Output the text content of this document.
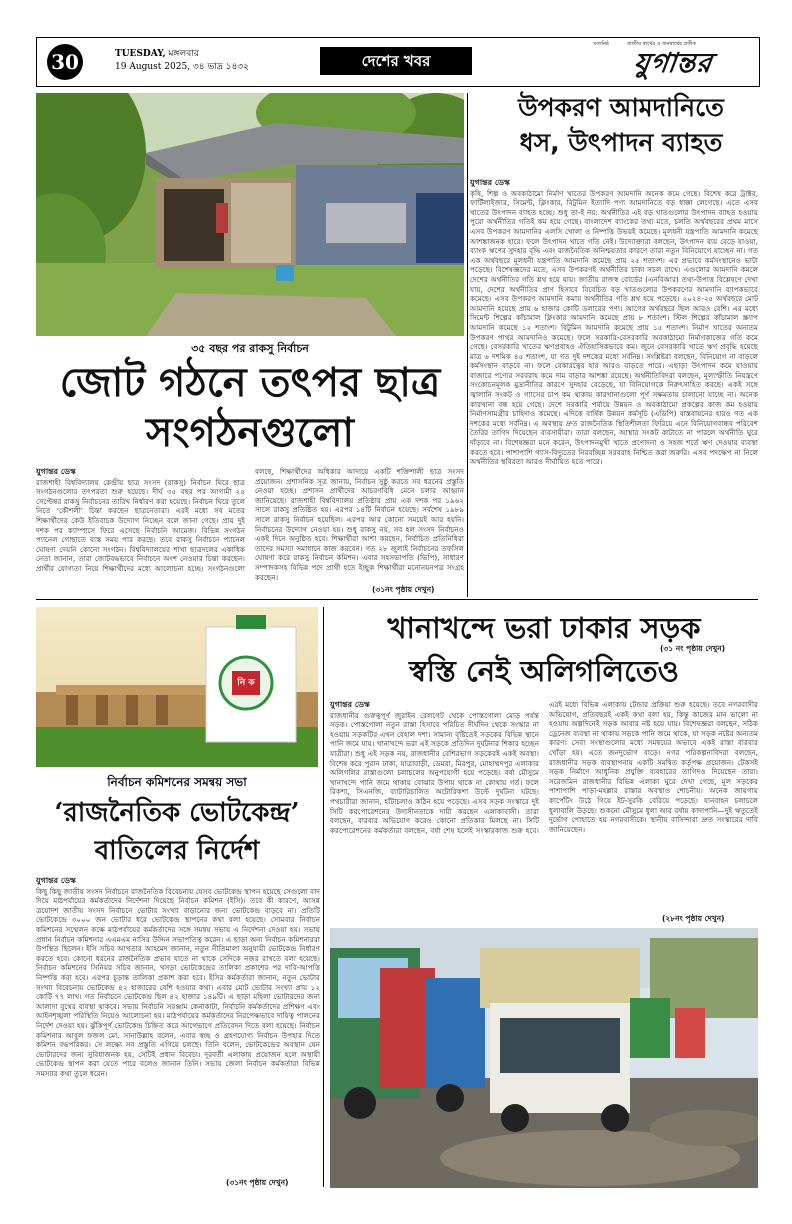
30	TUESDAY, মঙ্গলবার
19 August 2025, ৩৪ ভাদ্র ১৪৩২	দেশের খবর
সত্যনিষ্ঠ	জাতীয় স্বার্থের ও জনস্বার্থের প্রতীক
যুগান্তর
উপকরণ আমদানিতে
ধস, উৎপাদন ব্যাহত
যুগান্তর ডেস্ক
কৃষি, শিল্প ও অবকাঠামো নির্মাণ খাতের উপকরণ আমদানি অনেক কমে গেছে। বিশেষ করে ট্রাক্টর, ফার্টিলাইজার, সিমেন্ট, ক্লিংকার, বিটুমিন ইত্যাদি পণ্য আমদানিতে বড় ধাক্কা লেগেছে। এতে এসব খাতের উৎপাদন ব্যাহত হচ্ছে। শুধু তা-ই নয়: অর্থনীতির এই বড় খাতগুলোর উৎপাদন ব্যাহত হওয়ায় পুরো অর্থনীতির গতিই কম হয়ে গেছে। বাংলাদেশ ব্যাংকের তথ্য মতে, চলতি অর্থবছরের প্রথম মাসে এসব উপকরণ আমদানির এলসি খোলা ও নিষ্পত্তি উভয়ই কমেছে। মূলধনী যন্ত্রপাতি আমদানি কমেছে আশঙ্কাজনক হারে। ফলে উৎপাদন খাতে গতি নেই। উদ্যোক্তারা বলছেন, উৎপাদন ব্যয় বেড়ে যাওয়া, ব্যাংক ঋণের সুদহার বৃদ্ধি এবং রাজনৈতিক অনিশ্চয়তার কারণে তারা নতুন বিনিয়োগে যাচ্ছেন না। গত এক অর্থবছরে মূলধনী যন্ত্রপাতি আমদানি কমেছে প্রায় ২৫ শতাংশ। এর প্রভাবে কর্মসংস্থানেও ভাটা পড়েছে। বিশেষজ্ঞদের মতে, এসব উপকরণই অর্থনীতির চাকা সচল রাখে। এগুলোর আমদানি কমলে দেশের অর্থনীতির গতি শ্লথ হয়ে যায়। জাতীয় রাজস্ব বোর্ডের (এনবিআর) তথ্য-উপাত্ত বিশ্লেষণে দেখা যায়, দেশের অর্থনীতির প্রাণ হিসাবে বিবেচিত বড় খাতগুলোর উপকরণের আমদানি ব্যাপকভাবে কমেছে। এসব উপকরণ আমদানি কমায় অর্থনীতির গতি শ্লথ হয়ে পড়েছে। ২০২৪-২৫ অর্থবছরে মোট আমদানি হয়েছে প্রায় ৬ হাজার কোটি ডলারের পণ্য। আগের অর্থবছরে ছিল আরও বেশি। এর মধ্যে সিমেন্ট শিল্পের কাঁচামাল ক্লিংকার আমদানি কমেছে প্রায় ৮ শতাংশ। স্টিল শিল্পের কাঁচামাল স্ক্র্যাপ আমদানি কমেছে ১২ শতাংশ। বিটুমিন আমদানি কমেছে প্রায় ১৫ শতাংশ। নির্মাণ খাতের অন্যতম উপকরণ পাথর আমদানিও কমেছে। ফলে সরকারি-বেসরকারি অবকাঠামো নির্মাণকাজের গতি কমে গেছে। বেসরকারি খাতের ঋণপ্রবাহও ঐতিহাসিকভাবে কম। জুনে বেসরকারি খাতে ঋণ প্রবৃদ্ধি হয়েছে মাত্র ৬ দশমিক ৪৫ শতাংশ, যা গত দুই দশকের মধ্যে সর্বনিম্ন। সংশ্লিষ্টরা বলছেন, বিনিয়োগ না বাড়লে কর্মসংস্থান বাড়বে না। ফলে বেকারত্বের হার আরও বাড়তে পারে। এছাড়া উৎপাদন কমে যাওয়ায় বাজারে পণ্যের সরবরাহ কমে দাম বাড়ার আশঙ্কা রয়েছে। অর্থনীতিবিদরা বলছেন, মূল্যস্ফীতি নিয়ন্ত্রণে সংকোচনমূলক মুদ্রানীতির কারণে সুদহার বেড়েছে, যা বিনিয়োগকে নিরুৎসাহিত করছে। একই সঙ্গে জ্বালানি সংকট ও গ্যাসের চাপ কম থাকায় কারখানাগুলো পূর্ণ সক্ষমতায় চালানো যাচ্ছে না। অনেক কারখানা বন্ধ হয়ে গেছে। দেশে সরকারি পর্যায়ে উন্নয়ন ও অবকাঠামো প্রকল্পের কাজ কম হওয়ায় নির্মাণসামগ্রীর চাহিদাও কমেছে। এদিকে বার্ষিক উন্নয়ন কর্মসূচি (এডিপি) বাস্তবায়নের হারও গত এক দশকের মধ্যে সর্বনিম্ন। এ অবস্থায় দ্রুত রাজনৈতিক স্থিতিশীলতা ফিরিয়ে এনে বিনিয়োগবান্ধব পরিবেশ তৈরির তাগিদ দিয়েছেন ব্যবসায়ীরা। তারা বলছেন, আস্থার সংকট কাটাতে না পারলে অর্থনীতি ঘুরে দাঁড়াবে না। বিশেষজ্ঞরা মনে করেন, উৎপাদনমুখী খাতে প্রণোদনা ও সহজ শর্তে ঋণ দেওয়ার ব্যবস্থা করতে হবে। পাশাপাশি গ্যাস-বিদ্যুতের নিরবচ্ছিন্ন সরবরাহ নিশ্চিত করা জরুরি। এসব পদক্ষেপ না নিলে অর্থনীতির স্থবিরতা আরও দীর্ঘায়িত হতে পারে।
(৩১ নং পৃষ্ঠায় দেখুন)
৩৫ বছর পর রাকসু নির্বাচন
জোট গঠনে তৎপর ছাত্র
সংগঠনগুলো
যুগান্তর ডেস্ক
রাজশাহী বিশ্ববিদ্যালয় কেন্দ্রীয় ছাত্র সংসদ (রাকসু) নির্বাচন ঘিরে ছাত্র সংগঠনগুলোর তৎপরতা শুরু হয়েছে। দীর্ঘ ৩৫ বছর পর আগামী ২৫ সেপ্টেম্বর রাকসু নির্বাচনের তারিখ নির্ধারণ করা হয়েছে। নির্বাচন ঘিরে তুলে নিতে ‘কৌশলী’ চিন্তা করছেন ছাত্রনেতারা। এরই মধ্যে সব মতের শিক্ষার্থীদের কেউ ইতিবাচক উদ্যোগ নিচ্ছেন বলে জানা গেছে। প্রায় দুই দশক পর ক্যাম্পাসে ফিরে এসেছে নির্বাচনি আমেজ। বিভিন্ন সংগঠন প্যানেল গোছাতে ব্যস্ত সময় পার করছে। তবে রাকসু নির্বাচনে প্যানেল ঘোষণা দেয়নি কোনো সংগঠন। বিশ্ববিদ্যালয়ের শাখা ছাত্রদলের একাধিক নেতা জানান, তারা জোটবদ্ধভাবে নির্বাচনে অংশ নেওয়ার চিন্তা করছেন। প্রার্থীর যোগ্যতা নিয়ে শিক্ষার্থীদের মধ্যে আলোচনা হচ্ছে। সংগঠনগুলো বলছে, শিক্ষার্থীদের অধিকার আদায়ে একটি শক্তিশালী ছাত্র সংসদ প্রয়োজন। প্রশাসনিক সূত্র জানায়, নির্বাচন সুষ্ঠু করতে সব ধরনের প্রস্তুতি নেওয়া হচ্ছে। প্রশাসন প্রার্থীদের আচরণবিধি মেনে চলার আহ্বান জানিয়েছে। রাজশাহী বিশ্ববিদ্যালয় প্রতিষ্ঠার প্রায় এক দশক পর ১৯৬২ সালে রাকসু প্রতিষ্ঠিত হয়। এরপর ১৪টি নির্বাচন হয়েছে। সর্বশেষ ১৯৮৯ সালে রাকসু নির্বাচন হয়েছিল। এরপর আর কোনো সময়েই আর হয়নি। নির্বাচনের উদ্যোগ নেওয়া হয়। শুধু রাকসু নয়, সব হল সংসদ নির্বাচনও একই দিনে অনুষ্ঠিত হবে। শিক্ষার্থীরা আশা করছেন, নির্বাচিত প্রতিনিধিরা তাদের সমস্যা সমাধানে কাজ করবেন। গত ২৮ জুলাই নির্বাচনের তফসিল ঘোষণা করে রাকসু নির্বাচন কমিশন। এবার সহসভাপতি (ভিপি), সাধারণ সম্পাদকসহ বিভিন্ন পদে প্রার্থী হতে ইচ্ছুক শিক্ষার্থীরা মনোনয়নপত্র সংগ্রহ করছেন।
(৩১নং পৃষ্ঠায় দেখুন)
নি ক
নির্বাচন কমিশনের সমন্বয় সভা
‘রাজনৈতিক ভোটকেন্দ্র’
বাতিলের নির্দেশ
যুগান্তর ডেস্ক
কিছু কিছু জাতীয় সংসদ নির্বাচনে রাজনৈতিক বিবেচনায় যেসব ভোটকেন্দ্র স্থাপন হয়েছে সেগুলো বাদ দিয়ে মাঠপর্যায়ের কর্মকর্তাদের নির্দেশনা দিয়েছে নির্বাচন কমিশন (ইসি)। তবে কী কারণে, আসন্ন ত্রয়োদশ জাতীয় সংসদ নির্বাচনে ভোটার সংখ্যা বাড়ানোর জন্য ভোটকেন্দ্র বাড়বে না। প্রতিটি ভোটকেন্দ্রে ৩০০০ জন ভোটার ধরে ভোটকেন্দ্র স্থাপনের কথা বলা হয়েছে। সোমবার নির্বাচন কমিশনের সম্মেলন কক্ষে মাঠপর্যায়ের কর্মকর্তাদের সঙ্গে সমন্বয় সভায় এ নির্দেশনা দেওয়া হয়। সভায় প্রধান নির্বাচন কমিশনার এএমএম নাসির উদ্দিন সভাপতিত্ব করেন। এ ছাড়া অন্য নির্বাচন কমিশনাররা উপস্থিত ছিলেন। ইসি সচিব আখতার আহমেদ জানান, নতুন নীতিমালা অনুযায়ী ভোটকেন্দ্র নির্ধারণ করতে হবে। কোনো ধরনের রাজনৈতিক প্রভাব যাতে না থাকে সেদিকে নজর রাখতে বলা হয়েছে। নির্বাচন কমিশনের সিনিয়র সচিব জানান, খসড়া ভোটকেন্দ্রের তালিকা প্রকাশের পর দাবি-আপত্তি নিষ্পত্তি করা হবে। এরপর চূড়ান্ত তালিকা প্রকাশ করা হবে। ইসির কর্মকর্তারা জানান, নতুন ভোটার সংখ্যা বিবেচনায় ভোটকেন্দ্র ৪২ হাজারের বেশি হওয়ার কথা। এবার মোট ভোটার সংখ্যা প্রায় ১২ কোটি ৭৭ লাখ। গত নির্বাচনে ভোটকেন্দ্র ছিল ৪২ হাজার ১৪৯টি। এ ছাড়া মহিলা ভোটারদের জন্য আলাদা বুথের ব্যবস্থা থাকবে। সভায় নির্বাচনি সরঞ্জাম কেনাকাটা, নির্বাচনি কর্মকর্তাদের প্রশিক্ষণ এবং আইনশৃঙ্খলা পরিস্থিতি নিয়েও আলোচনা হয়। মাঠপর্যায়ের কর্মকর্তাদের নিরপেক্ষভাবে দায়িত্ব পালনের নির্দেশ দেওয়া হয়। ঝুঁকিপূর্ণ ভোটকেন্দ্র চিহ্নিত করে আগেভাগে প্রতিবেদন দিতে বলা হয়েছে। নির্বাচন কমিশনার আবুল ফজল মো. সানাউল্লাহ বলেন, এবার স্বচ্ছ ও গ্রহণযোগ্য নির্বাচন উপহার দিতে কমিশন বদ্ধপরিকর। সে লক্ষ্যে সব প্রস্তুতি এগিয়ে চলছে। তিনি বলেন, ভোটকেন্দ্রের অবস্থান যেন ভোটারদের জন্য সুবিধাজনক হয়, সেটিই প্রধান বিবেচ্য। দূরবর্তী এলাকায় প্রয়োজন হলে অস্থায়ী ভোটকেন্দ্র স্থাপন করা যেতে পারে বলেও জানান তিনি। সভায় জেলা নির্বাচন কর্মকর্তারা বিভিন্ন সমস্যার কথা তুলে ধরেন।
(৩১নং পৃষ্ঠায় দেখুন)
খানাখন্দে ভরা ঢাকার সড়ক
স্বস্তি নেই অলিগলিতেও
যুগান্তর ডেস্ক
রাজধানীর গুরুত্বপূর্ণ জুরাইন রেলগেট থেকে পোস্তগোলা মোড় পর্যন্ত সড়ক। পোস্তগোলা নতুন রাস্তা হিসাবে পরিচিত দীর্ঘদিন থেকে সংস্কার না হওয়ায় সড়কটির এখন বেহাল দশা। সামান্য বৃষ্টিতেই সড়কের বিভিন্ন স্থানে পানি জমে যায়। খানাখন্দে ভরা এই সড়কে প্রতিদিন দুর্ঘটনার শিকার হচ্ছেন যাত্রীরা। শুধু এই সড়ক নয়, রাজধানীর বেশিরভাগ সড়কেরই একই অবস্থা। বিশেষ করে পুরান ঢাকা, যাত্রাবাড়ী, ডেমরা, মিরপুর, মোহাম্মদপুর এলাকার অলিগলির রাস্তাগুলো চলাচলের অনুপযোগী হয়ে পড়েছে। বর্ষা মৌসুমে খানাখন্দে পানি জমে থাকায় বোঝার উপায় থাকে না কোথায় গর্ত। ফলে রিকশা, সিএনজি, ব্যাটারিচালিত অটোরিকশা উল্টে দুর্ঘটনা ঘটছে। পথচারীরা জানান, হাঁটাচলাও কঠিন হয়ে পড়েছে। এসব সড়ক সংস্কারে দুই সিটি করপোরেশনের উদাসীনতাকে দায়ী করছেন এলাকাবাসী। তারা বলছেন, বারবার অভিযোগ করেও কোনো প্রতিকার মিলছে না। সিটি করপোরেশনের কর্মকর্তারা বলছেন, বর্ষা শেষ হলেই সংস্কারকাজ শুরু হবে। এরই মধ্যে বিভিন্ন এলাকায় টেন্ডার প্রক্রিয়া শুরু হয়েছে। তবে নগরবাসীর অভিযোগ, প্রতিবছরই একই কথা বলা হয়, কিন্তু কাজের মান ভালো না হওয়ায় অল্পদিনেই সড়ক আবার নষ্ট হয়ে যায়। বিশেষজ্ঞরা বলছেন, সঠিক ড্রেনেজ ব্যবস্থা না থাকায় সড়কে পানি জমে থাকে, যা সড়ক নষ্টের অন্যতম কারণ। সেবা সংস্থাগুলোর মধ্যে সমন্বয়ের অভাবে একই রাস্তা বারবার খোঁড়া হয়। এতে জনদুর্ভোগ বাড়ে। নগর পরিকল্পনাবিদরা বলছেন, রাজধানীর সড়ক ব্যবস্থাপনায় একটি সমন্বিত কর্তৃপক্ষ প্রয়োজন। টেকসই সড়ক নির্মাণে আধুনিক প্রযুক্তি ব্যবহারের তাগিদও দিয়েছেন তারা। সরেজমিন রাজধানীর বিভিন্ন এলাকা ঘুরে দেখা গেছে, মূল সড়কের পাশাপাশি পাড়া-মহল্লার রাস্তার অবস্থাও শোচনীয়। অনেক জায়গায় কার্পেটিং উঠে গিয়ে ইট-সুরকি বেরিয়ে পড়েছে। যানবাহন চলাচলে ধুলাবালি উড়ছে। শুকনো মৌসুমে ধুলা আর বর্ষায় কাদাপানি—দুই ঋতুতেই দুর্ভোগ পোহাতে হয় নগরবাসীকে। স্থানীয় বাসিন্দারা দ্রুত সংস্কারের দাবি জানিয়েছেন।
(২৮নং পৃষ্ঠায় দেখুন)
